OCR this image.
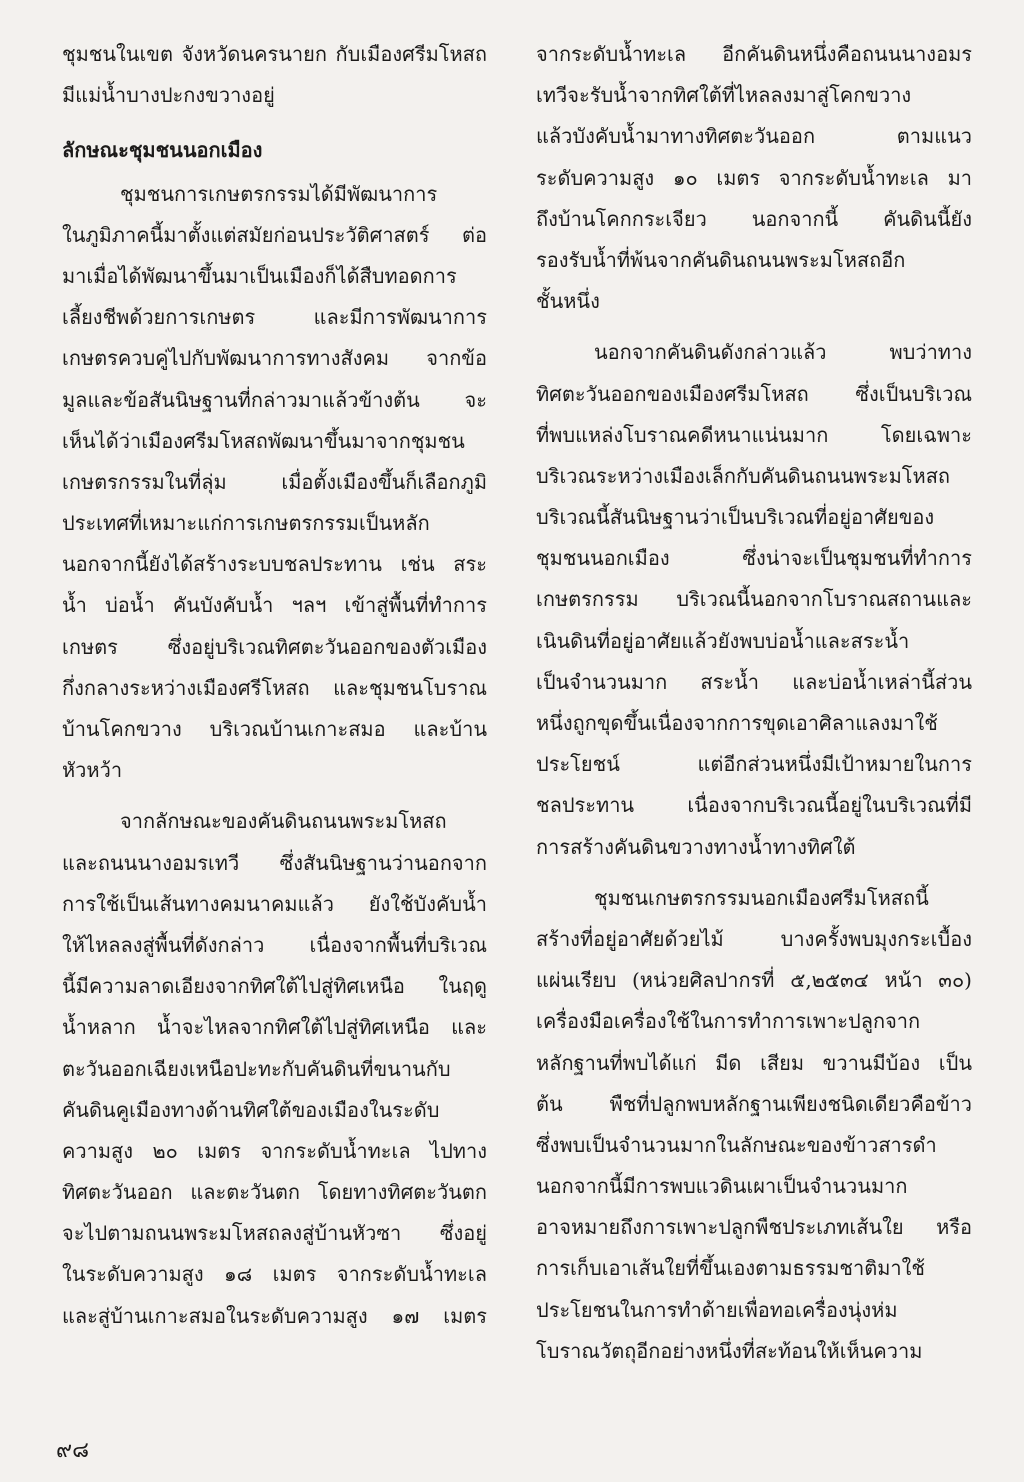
ชุมชนในเขต จังหวัดนครนายก กับเมืองศรีมโหสถ
มีแม่น้ำบางปะกงขวางอยู่
ลักษณะชุมชนนอกเมือง
ชุมชนการเกษตรกรรมได้มีพัฒนาการ
ในภูมิภาคนี้มาตั้งแต่สมัยก่อนประวัติศาสตร์ ต่อ
มาเมื่อได้พัฒนาขึ้นมาเป็นเมืองก็ได้สืบทอดการ
เลี้ยงชีพด้วยการเกษตร และมีการพัฒนาการ
เกษตรควบคู่ไปกับพัฒนาการทางสังคม จากข้อ
มูลและข้อสันนิษฐานที่กล่าวมาแล้วข้างต้น จะ
เห็นได้ว่าเมืองศรีมโหสถพัฒนาขึ้นมาจากชุมชน
เกษตรกรรมในที่ลุ่ม เมื่อตั้งเมืองขึ้นก็เลือกภูมิ
ประเทศที่เหมาะแก่การเกษตรกรรมเป็นหลัก
นอกจากนี้ยังได้สร้างระบบชลประทาน เช่น สระ
น้ำ บ่อน้ำ คันบังคับน้ำ ฯลฯ เข้าสู่พื้นที่ทำการ
เกษตร ซึ่งอยู่บริเวณทิศตะวันออกของตัวเมือง
กึ่งกลางระหว่างเมืองศรีโหสถ และชุมชนโบราณ
บ้านโคกขวาง บริเวณบ้านเกาะสมอ และบ้าน
หัวหว้า
จากลักษณะของคันดินถนนพระมโหสถ
และถนนนางอมรเทวี ซึ่งสันนิษฐานว่านอกจาก
การใช้เป็นเส้นทางคมนาคมแล้ว ยังใช้บังคับน้ำ
ให้ไหลลงสู่พื้นที่ดังกล่าว เนื่องจากพื้นที่บริเวณ
นี้มีความลาดเอียงจากทิศใต้ไปสู่ทิศเหนือ ในฤดู
น้ำหลาก น้ำจะไหลจากทิศใต้ไปสู่ทิศเหนือ และ
ตะวันออกเฉียงเหนือปะทะกับคันดินที่ขนานกับ
คันดินคูเมืองทางด้านทิศใต้ของเมืองในระดับ
ความสูง ๒๐ เมตร จากระดับน้ำทะเล ไปทาง
ทิศตะวันออก และตะวันตก โดยทางทิศตะวันตก
จะไปตามถนนพระมโหสถลงสู่บ้านหัวซา ซึ่งอยู่
ในระดับความสูง ๑๘ เมตร จากระดับน้ำทะเล
และสู่บ้านเกาะสมอในระดับความสูง ๑๗ เมตร
จากระดับน้ำทะเล อีกคันดินหนึ่งคือถนนนางอมร
เทวีจะรับน้ำจากทิศใต้ที่ไหลลงมาสู่โคกขวาง
แล้วบังคับน้ำมาทางทิศตะวันออก ตามแนว
ระดับความสูง ๑๐ เมตร จากระดับน้ำทะเล มา
ถึงบ้านโคกกระเจียว นอกจากนี้ คันดินนี้ยัง
รองรับน้ำที่พ้นจากคันดินถนนพระมโหสถอีก
ชั้นหนึ่ง
นอกจากคันดินดังกล่าวแล้ว พบว่าทาง
ทิศตะวันออกของเมืองศรีมโหสถ ซึ่งเป็นบริเวณ
ที่พบแหล่งโบราณคดีหนาแน่นมาก โดยเฉพาะ
บริเวณระหว่างเมืองเล็กกับคันดินถนนพระมโหสถ
บริเวณนี้สันนิษฐานว่าเป็นบริเวณที่อยู่อาศัยของ
ชุมชนนอกเมือง ซึ่งน่าจะเป็นชุมชนที่ทำการ
เกษตรกรรม บริเวณนี้นอกจากโบราณสถานและ
เนินดินที่อยู่อาศัยแล้วยังพบบ่อน้ำและสระน้ำ
เป็นจำนวนมาก สระน้ำ และบ่อน้ำเหล่านี้ส่วน
หนึ่งถูกขุดขึ้นเนื่องจากการขุดเอาศิลาแลงมาใช้
ประโยชน์ แต่อีกส่วนหนึ่งมีเป้าหมายในการ
ชลประทาน เนื่องจากบริเวณนี้อยู่ในบริเวณที่มี
การสร้างคันดินขวางทางน้ำทางทิศใต้
ชุมชนเกษตรกรรมนอกเมืองศรีมโหสถนี้
สร้างที่อยู่อาศัยด้วยไม้ บางครั้งพบมุงกระเบื้อง
แผ่นเรียบ (หน่วยศิลปากรที่ ๕,๒๕๓๔ หน้า ๓๐)
เครื่องมือเครื่องใช้ในการทำการเพาะปลูกจาก
หลักฐานที่พบได้แก่ มีด เสียม ขวานมีบ้อง เป็น
ต้น พืชที่ปลูกพบหลักฐานเพียงชนิดเดียวคือข้าว
ซึ่งพบเป็นจำนวนมากในลักษณะของข้าวสารดำ
นอกจากนี้มีการพบแวดินเผาเป็นจำนวนมาก
อาจหมายถึงการเพาะปลูกพืชประเภทเส้นใย หรือ
การเก็บเอาเส้นใยที่ขึ้นเองตามธรรมชาติมาใช้
ประโยชนในการทำด้ายเพื่อทอเครื่องนุ่งห่ม
โบราณวัตถุอีกอย่างหนึ่งที่สะท้อนให้เห็นความ
๙๘
